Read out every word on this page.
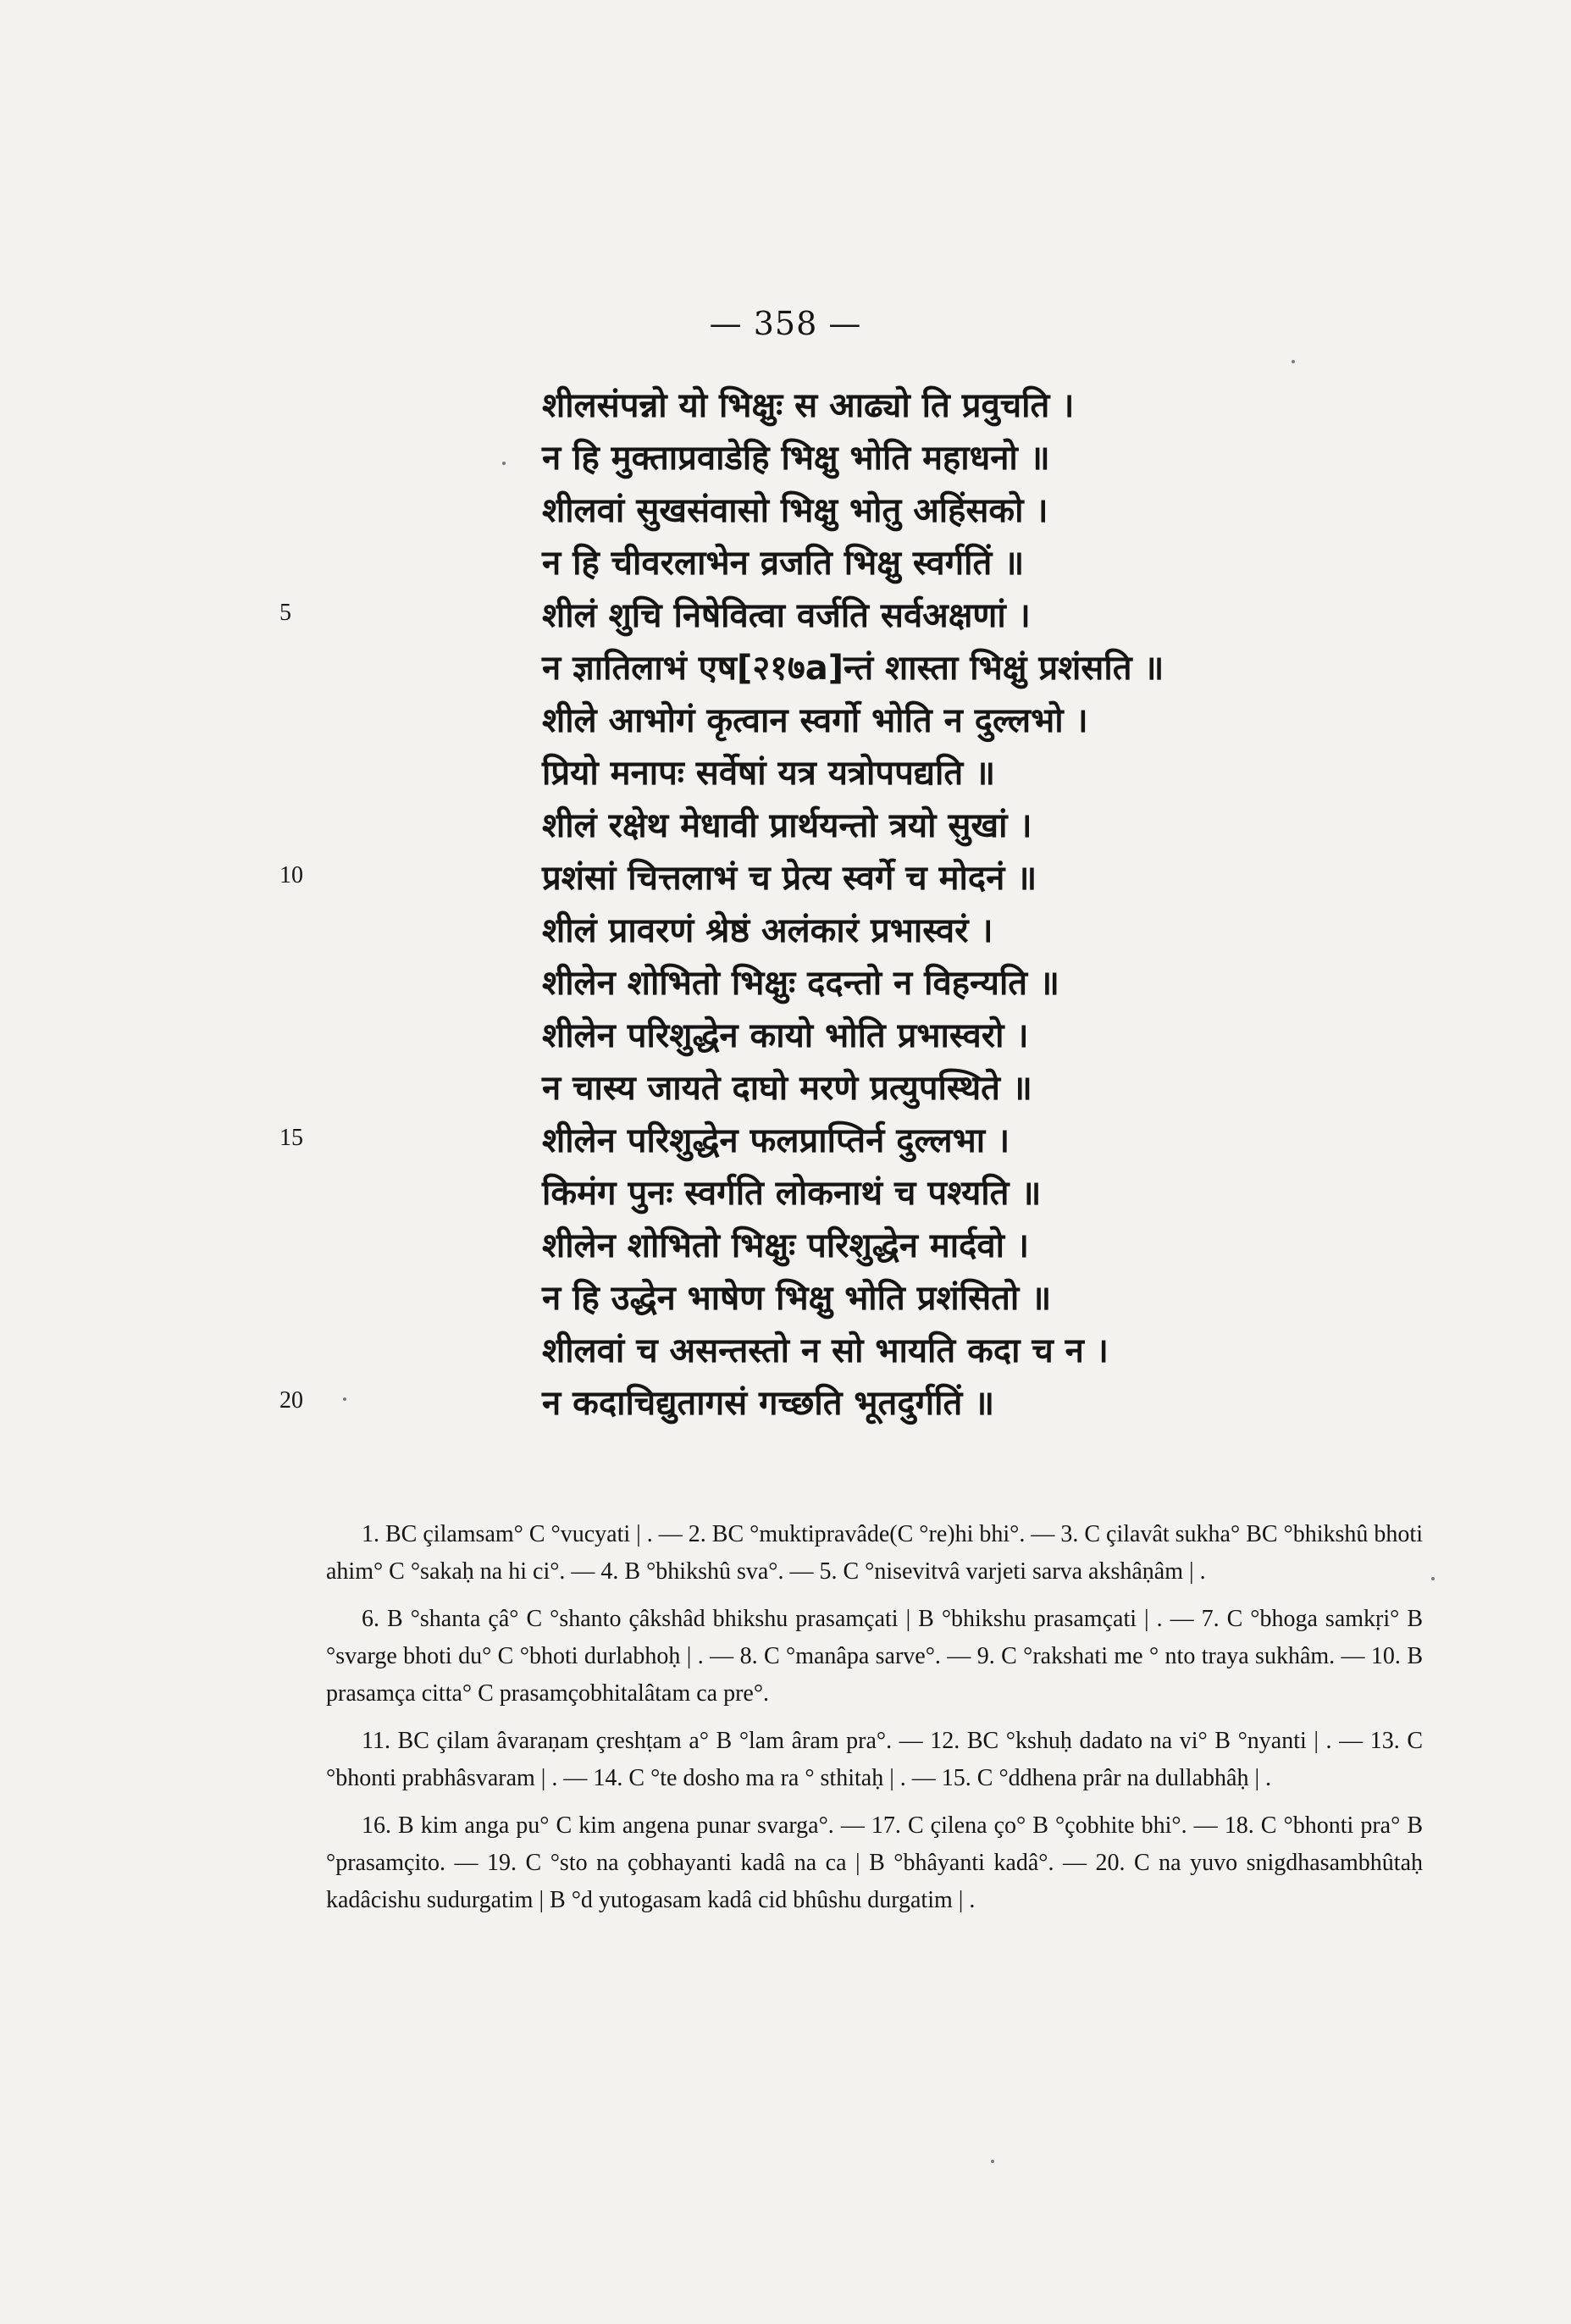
— 358 —
शीलसंपन्नो यो भिक्षुः स आढ्यो ति प्रवुचति ।
न हि मुक्ताप्रवाडेहि भिक्षु भोति महाधनो ॥
शीलवां सुखसंवासो भिक्षु भोतु अहिंसको ।
न हि चीवरलाभेन व्रजति भिक्षु स्वर्गतिं ॥
शीलं शुचि निषेवित्वा वर्जति सर्वअक्षणां ।
न ज्ञातिलाभं एष[२१७a]न्तं शास्ता भिक्षुं प्रशंसति ॥
शीले आभोगं कृत्वान स्वर्गो भोति न दुल्लभो ।
प्रियो मनापः सर्वेषां यत्र यत्रोपपद्यति ॥
शीलं रक्षेथ मेधावी प्रार्थयन्तो त्रयो सुखां ।
प्रशंसां चित्तलाभं च प्रेत्य स्वर्गे च मोदनं ॥
शीलं प्रावरणं श्रेष्ठं अलंकारं प्रभास्वरं ।
शीलेन शोभितो भिक्षुः ददन्तो न विहन्यति ॥
शीलेन परिशुद्धेन कायो भोति प्रभास्वरो ।
न चास्य जायते दाघो मरणे प्रत्युपस्थिते ॥
शीलेन परिशुद्धेन फलप्राप्तिर्न दुल्लभा ।
किमंग पुनः स्वर्गति लोकनाथं च पश्यति ॥
शीलेन शोभितो भिक्षुः परिशुद्धेन मार्दवो ।
न हि उद्धेन भाषेण भिक्षु भोति प्रशंसितो ॥
शीलवां च असन्तस्तो न सो भायति कदा च न ।
न कदाचिद्युतागसं गच्छति भूतदुर्गतिं ॥
5
10
15
20

1. BC çilamsam° C °vucyati | . — 2. BC °muktipravâde(C °re)hi bhi°. — 3. C çilavât sukha° BC °bhikshû bhoti ahim° C °sakaḥ na hi ci°. — 4. B °bhikshû sva°. — 5. C °nisevitvâ varjeti sarva akshâṇâm | .

6. B °shanta çâ° C °shanto çâkshâd bhikshu prasamçati | B °bhikshu prasamçati | . — 7. C °bhoga samkṛi° B °svarge bhoti du° C °bhoti durlabhoḥ | . — 8. C °manâpa sarve°. — 9. C °rakshati me ° nto traya sukhâm. — 10. B prasamça citta° C prasamçobhitalâtam ca pre°.

11. BC çilam âvaraṇam çreshṭam a° B °lam âram pra°. — 12. BC °kshuḥ dadato na vi° B °nyanti | . — 13. C °bhonti prabhâsvaram | . — 14. C °te dosho ma ra ° sthitaḥ | . — 15. C °ddhena prâr na dullabhâḥ | .

16. B kim anga pu° C kim angena punar svarga°. — 17. C çilena ço° B °çobhite bhi°. — 18. C °bhonti pra° B °prasamçito. — 19. C °sto na çobhayanti kadâ na ca | B °bhâyanti kadâ°. — 20. C na yuvo snigdhasambhûtaḥ kadâcishu sudurgatim | B °d yutogasam kadâ cid bhûshu durgatim | .
